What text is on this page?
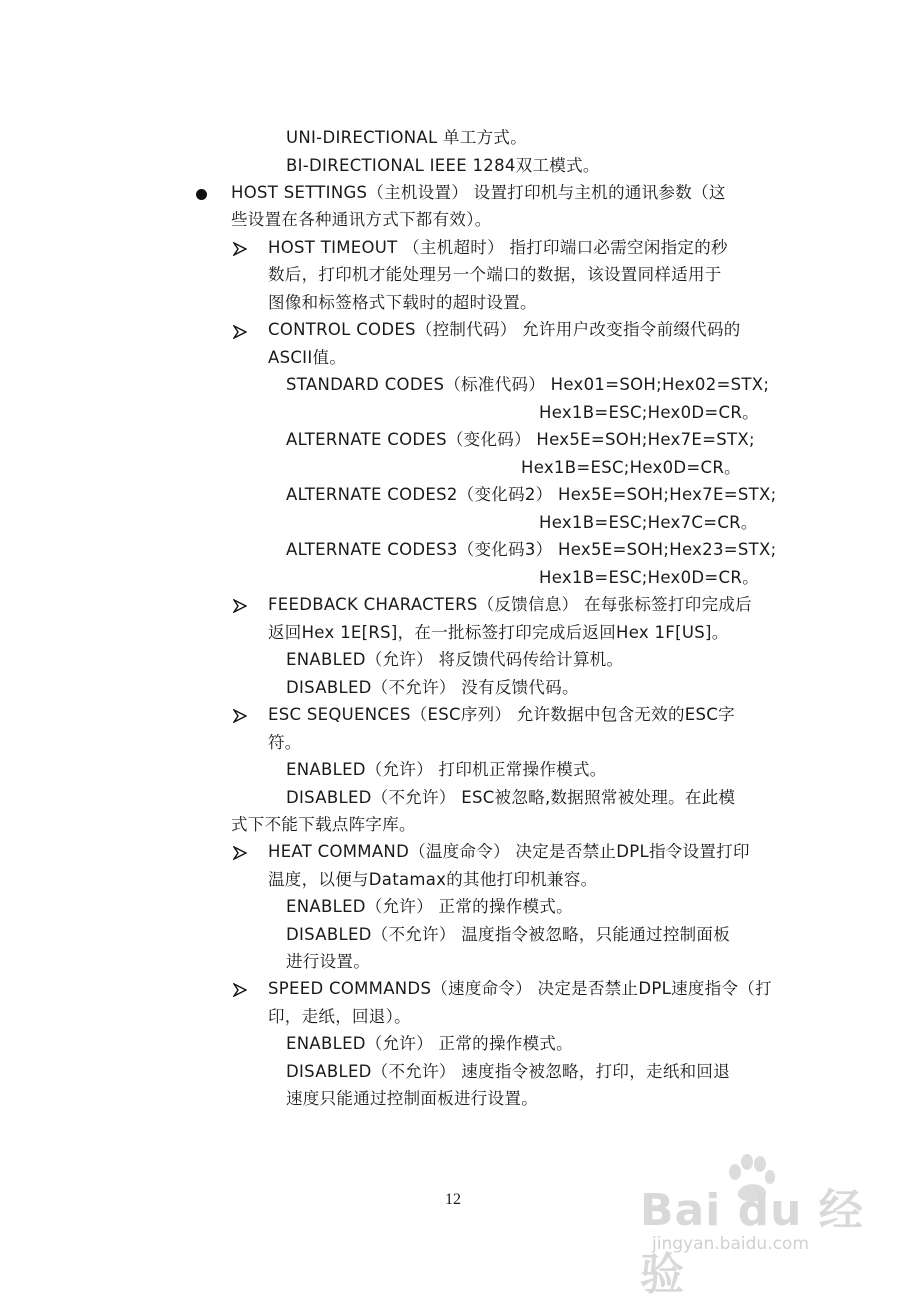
UNI-DIRECTIONAL 单工方式。
BI-DIRECTIONAL IEEE 1284双工模式。
HOST SETTINGS（主机设置） 设置打印机与主机的通讯参数（这
些设置在各种通讯方式下都有效）。
HOST TIMEOUT （主机超时） 指打印端口必需空闲指定的秒
数后，打印机才能处理另一个端口的数据，该设置同样适用于
图像和标签格式下载时的超时设置。
CONTROL CODES（控制代码） 允许用户改变指令前缀代码的
ASCII值。
STANDARD CODES（标准代码） Hex01=SOH;Hex02=STX;
Hex1B=ESC;Hex0D=CR。
ALTERNATE CODES（变化码） Hex5E=SOH;Hex7E=STX;
Hex1B=ESC;Hex0D=CR。
ALTERNATE CODES2（变化码2） Hex5E=SOH;Hex7E=STX;
Hex1B=ESC;Hex7C=CR。
ALTERNATE CODES3（变化码3） Hex5E=SOH;Hex23=STX;
Hex1B=ESC;Hex0D=CR。
FEEDBACK CHARACTERS（反馈信息） 在每张标签打印完成后
返回Hex 1E[RS]，在一批标签打印完成后返回Hex 1F[US]。
ENABLED（允许） 将反馈代码传给计算机。
DISABLED（不允许） 没有反馈代码。
ESC SEQUENCES（ESC序列） 允许数据中包含无效的ESC字
符。
ENABLED（允许） 打印机正常操作模式。
DISABLED（不允许） ESC被忽略,数据照常被处理。在此模
式下不能下载点阵字库。
HEAT COMMAND（温度命令） 决定是否禁止DPL指令设置打印
温度，以便与Datamax的其他打印机兼容。
ENABLED（允许） 正常的操作模式。
DISABLED（不允许） 温度指令被忽略，只能通过控制面板
进行设置。
SPEED COMMANDS（速度命令） 决定是否禁止DPL速度指令（打
印，走纸，回退）。
ENABLED（允许） 正常的操作模式。
DISABLED（不允许） 速度指令被忽略，打印，走纸和回退
速度只能通过控制面板进行设置。
12	Bai du 经验
jingyan.baidu.com
